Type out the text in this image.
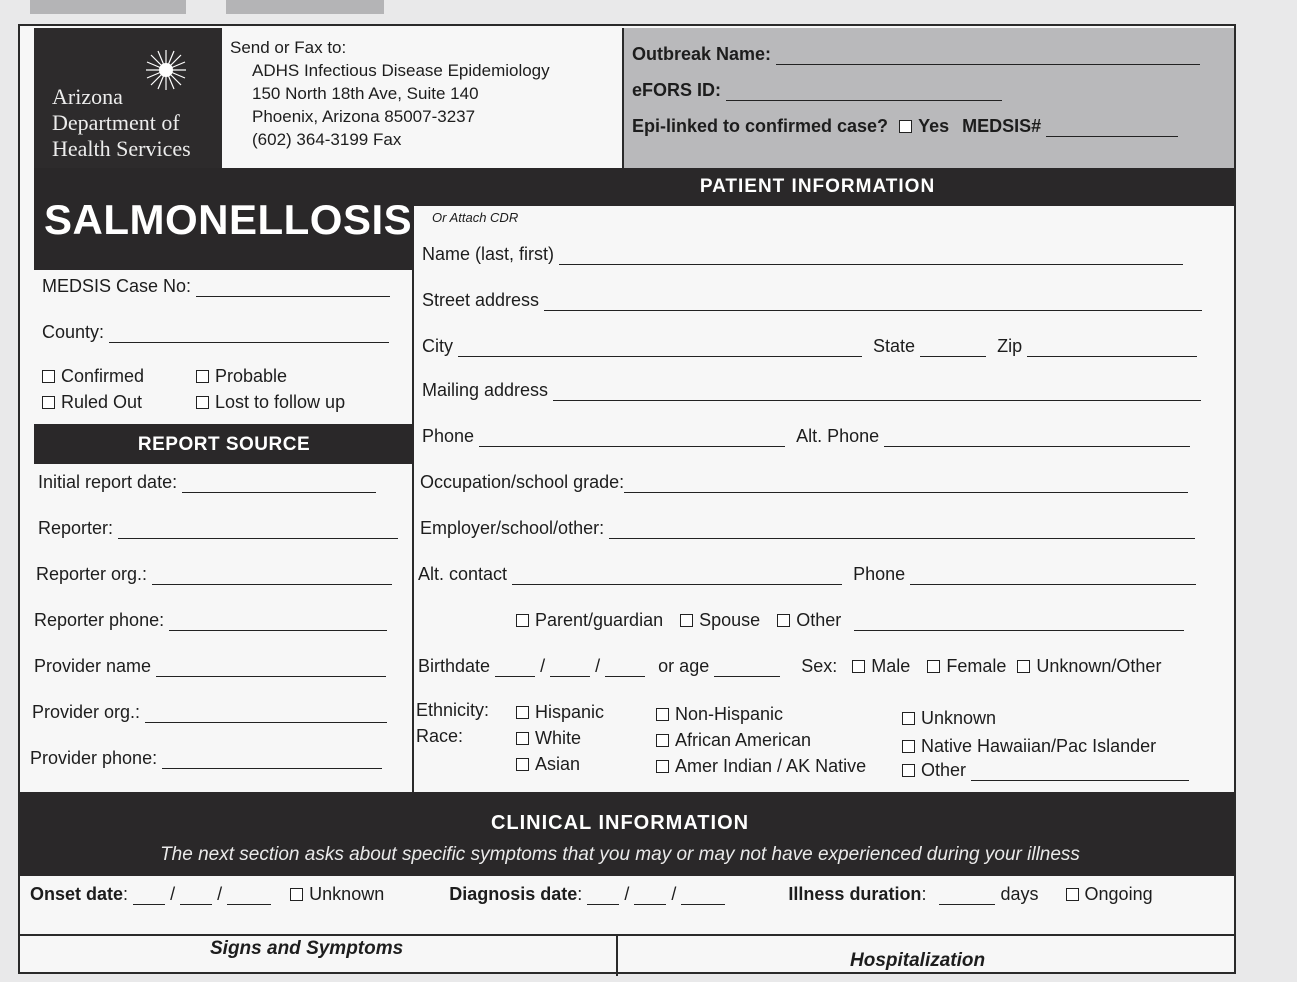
Arizona
Department of
Health Services
Send or Fax to:
ADHS Infectious Disease Epidemiology
150 North 18th Ave, Suite 140
Phoenix, Arizona 85007-3237
(602) 364-3199 Fax
Outbreak Name:
eFORS ID:
Epi-linked to confirmed case? Yes MEDSIS#
SALMONELLOSIS
PATIENT INFORMATION
MEDSIS Case No:
County:
Confirmed	Probable
Ruled Out	Lost to follow up
REPORT SOURCE
Initial report date:
Reporter:
Reporter org.:
Reporter phone:
Provider name
Provider org.:
Provider phone:
Or Attach CDR
Name (last, first)
Street address
City	State	Zip
Mailing address
Phone	Alt. Phone
Occupation/school grade:
Employer/school/other:
Alt. contact	Phone
Parent/guardian Spouse Other
Birthdate	/	/	or age	Sex: Male Female Unknown/Other
Ethnicity:
Race:
Hispanic	Non-Hispanic	Unknown
White	African American	Native Hawaiian/Pac Islander
Asian	Amer Indian / AK Native	Other
CLINICAL INFORMATION
The next section asks about specific symptoms that you may or may not have experienced during your illness
Onset date: / /	Unknown	Diagnosis date: / /	Illness duration:	days	Ongoing
Signs and Symptoms
Hospitalization
